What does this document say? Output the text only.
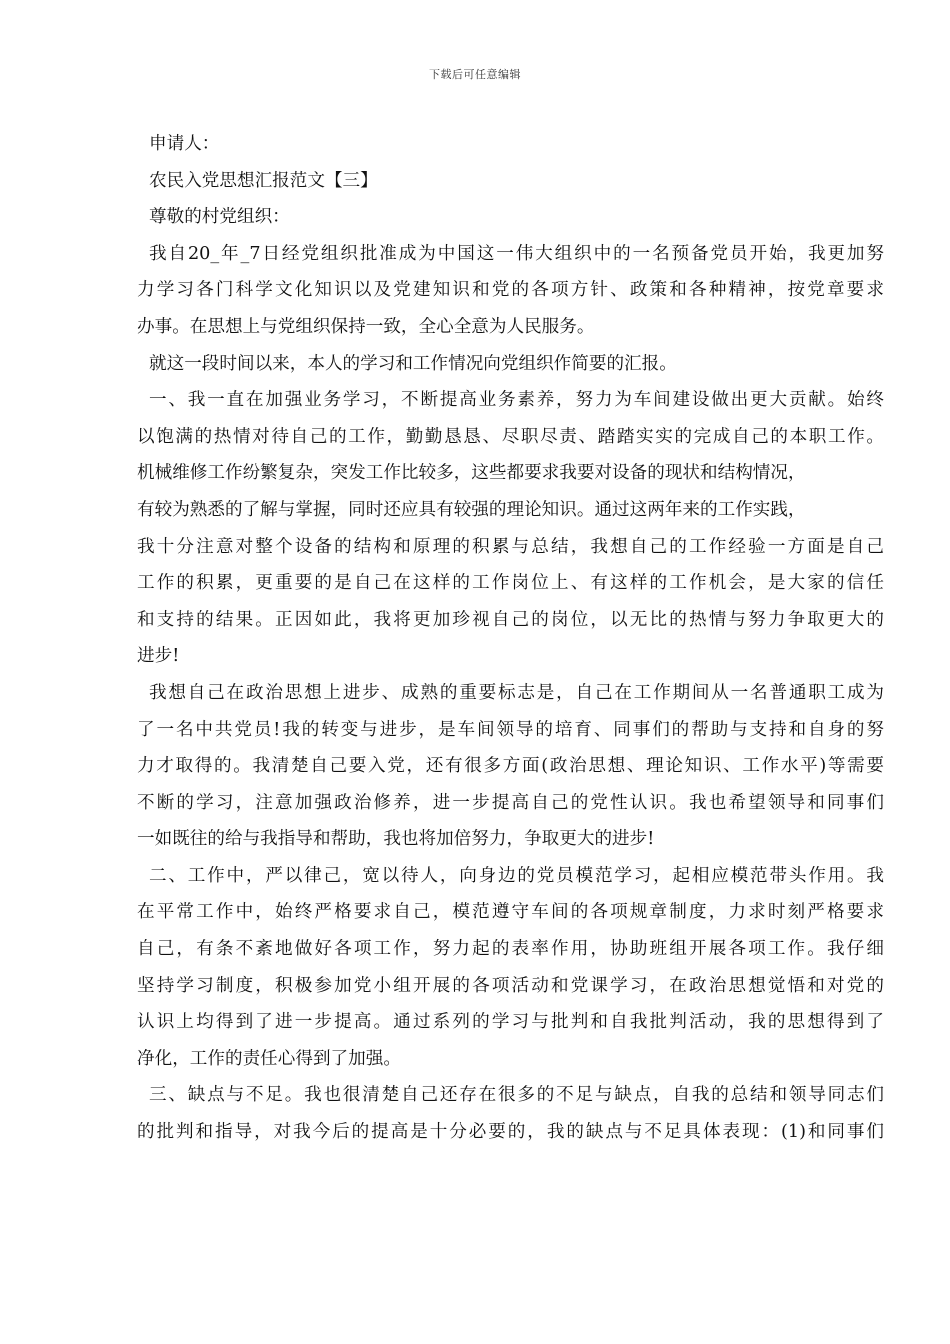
下载后可任意编辑
申请人：
农民入党思想汇报范文【三】
尊敬的村党组织：
我自20_年_7日经党组织批准成为中国这一伟大组织中的一名预备党员开始，我更加努
力学习各门科学文化知识以及党建知识和党的各项方针、政策和各种精神，按党章要求
办事。在思想上与党组织保持一致，全心全意为人民服务。
就这一段时间以来，本人的学习和工作情况向党组织作简要的汇报。
一、我一直在加强业务学习，不断提高业务素养，努力为车间建设做出更大贡献。始终
以饱满的热情对待自己的工作，勤勤恳恳、尽职尽责、踏踏实实的完成自己的本职工作。
机械维修工作纷繁复杂，突发工作比较多，这些都要求我要对设备的现状和结构情况，
有较为熟悉的了解与掌握，同时还应具有较强的理论知识。通过这两年来的工作实践，
我十分注意对整个设备的结构和原理的积累与总结，我想自己的工作经验一方面是自己
工作的积累，更重要的是自己在这样的工作岗位上、有这样的工作机会，是大家的信任
和支持的结果。正因如此，我将更加珍视自己的岗位，以无比的热情与努力争取更大的
进步!
我想自己在政治思想上进步、成熟的重要标志是，自己在工作期间从一名普通职工成为
了一名中共党员!我的转变与进步，是车间领导的培育、同事们的帮助与支持和自身的努
力才取得的。我清楚自己要入党，还有很多方面(政治思想、理论知识、工作水平)等需要
不断的学习，注意加强政治修养，进一步提高自己的党性认识。我也希望领导和同事们
一如既往的给与我指导和帮助，我也将加倍努力，争取更大的进步!
二、工作中，严以律己，宽以待人，向身边的党员模范学习，起相应模范带头作用。我
在平常工作中，始终严格要求自己，模范遵守车间的各项规章制度，力求时刻严格要求
自己，有条不紊地做好各项工作，努力起的表率作用，协助班组开展各项工作。我仔细
坚持学习制度，积极参加党小组开展的各项活动和党课学习，在政治思想觉悟和对党的
认识上均得到了进一步提高。通过系列的学习与批判和自我批判活动，我的思想得到了
净化，工作的责任心得到了加强。
三、缺点与不足。我也很清楚自己还存在很多的不足与缺点，自我的总结和领导同志们
的批判和指导，对我今后的提高是十分必要的，我的缺点与不足具体表现：(1)和同事们
